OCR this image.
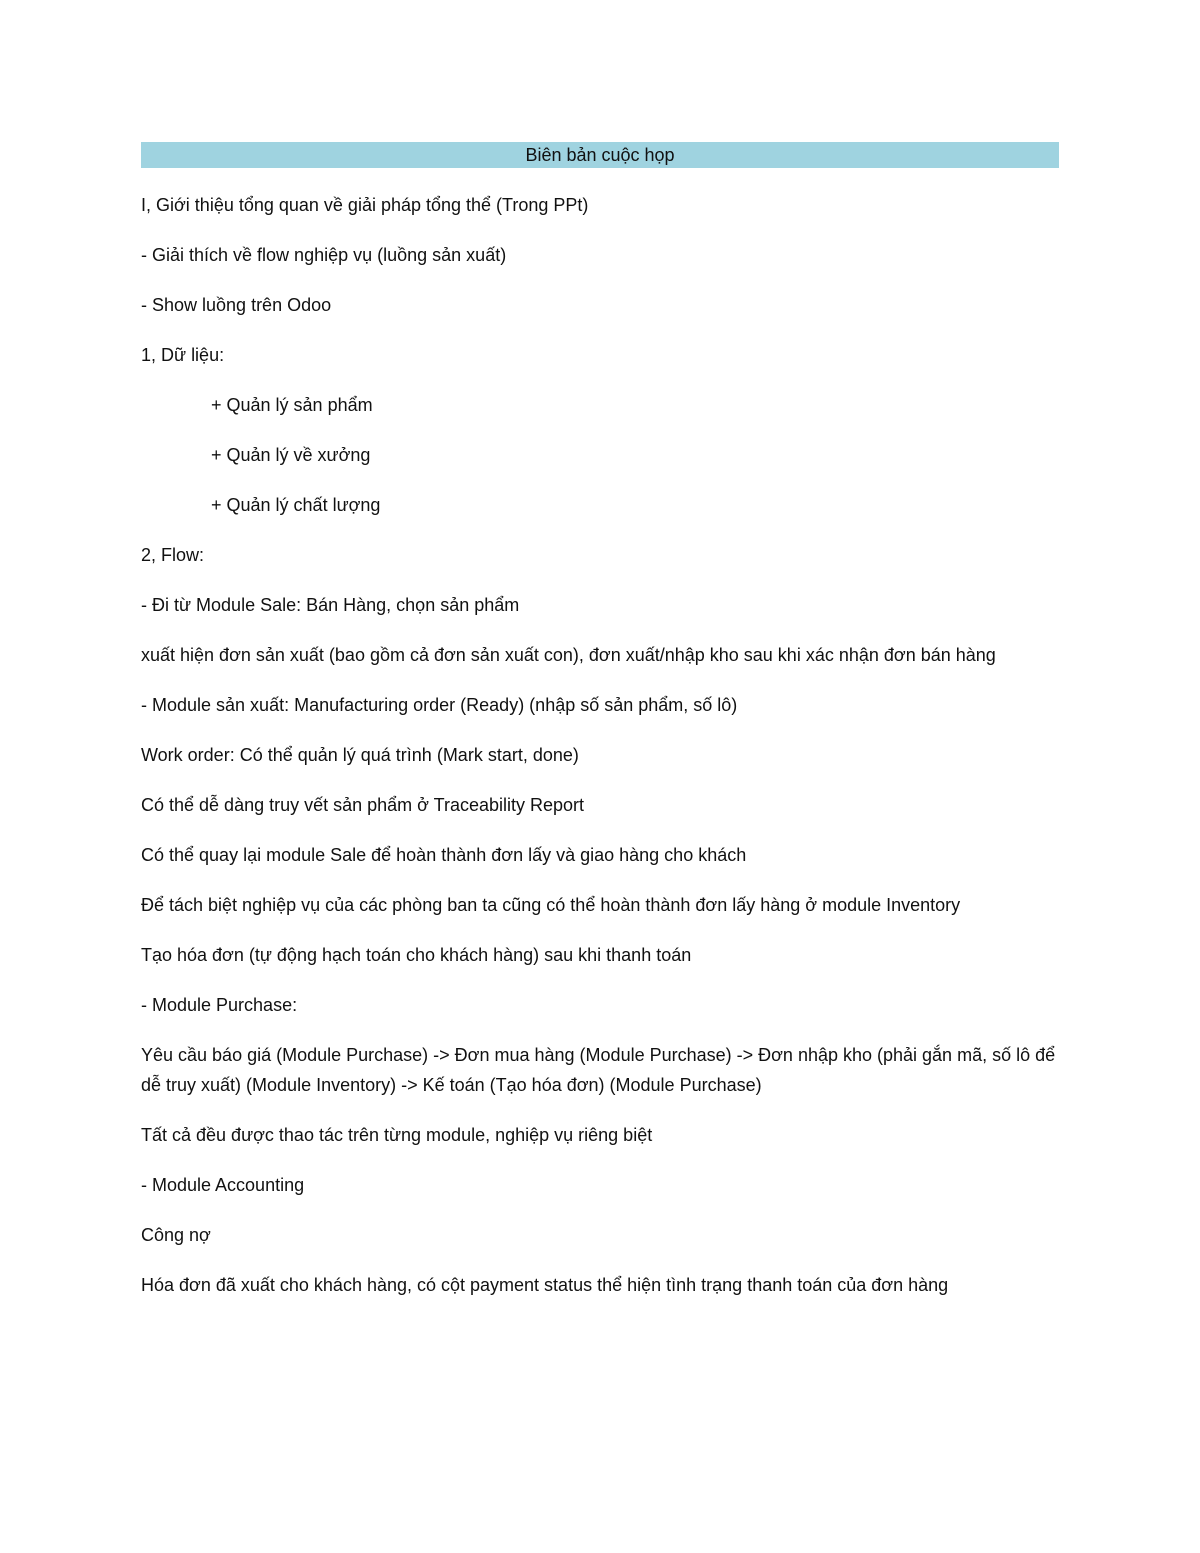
Biên bản cuộc họp

I, Giới thiệu tổng quan về giải pháp tổng thể (Trong PPt)

- Giải thích về flow nghiệp vụ (luồng sản xuất)

- Show luồng trên Odoo

1, Dữ liệu:

+ Quản lý sản phẩm

+ Quản lý về xưởng

+ Quản lý chất lượng

2, Flow:

- Đi từ Module Sale: Bán Hàng, chọn sản phẩm

xuất hiện đơn sản xuất (bao gồm cả đơn sản xuất con), đơn xuất/nhập kho sau khi xác nhận đơn bán hàng

- Module sản xuất: Manufacturing order (Ready) (nhập số sản phẩm, số lô)

Work order: Có thể quản lý quá trình (Mark start, done)

Có thể dễ dàng truy vết sản phẩm ở Traceability Report

Có thể quay lại module Sale để hoàn thành đơn lấy và giao hàng cho khách

Để tách biệt nghiệp vụ của các phòng ban ta cũng có thể hoàn thành đơn lấy hàng ở module Inventory

Tạo hóa đơn (tự động hạch toán cho khách hàng) sau khi thanh toán

- Module Purchase:

Yêu cầu báo giá (Module Purchase) -> Đơn mua hàng (Module Purchase) -> Đơn nhập kho (phải gắn mã, số lô để dễ truy xuất) (Module Inventory) -> Kế toán (Tạo hóa đơn) (Module Purchase)

Tất cả đều được thao tác trên từng module, nghiệp vụ riêng biệt

- Module Accounting

Công nợ

Hóa đơn đã xuất cho khách hàng, có cột payment status thể hiện tình trạng thanh toán của đơn hàng
